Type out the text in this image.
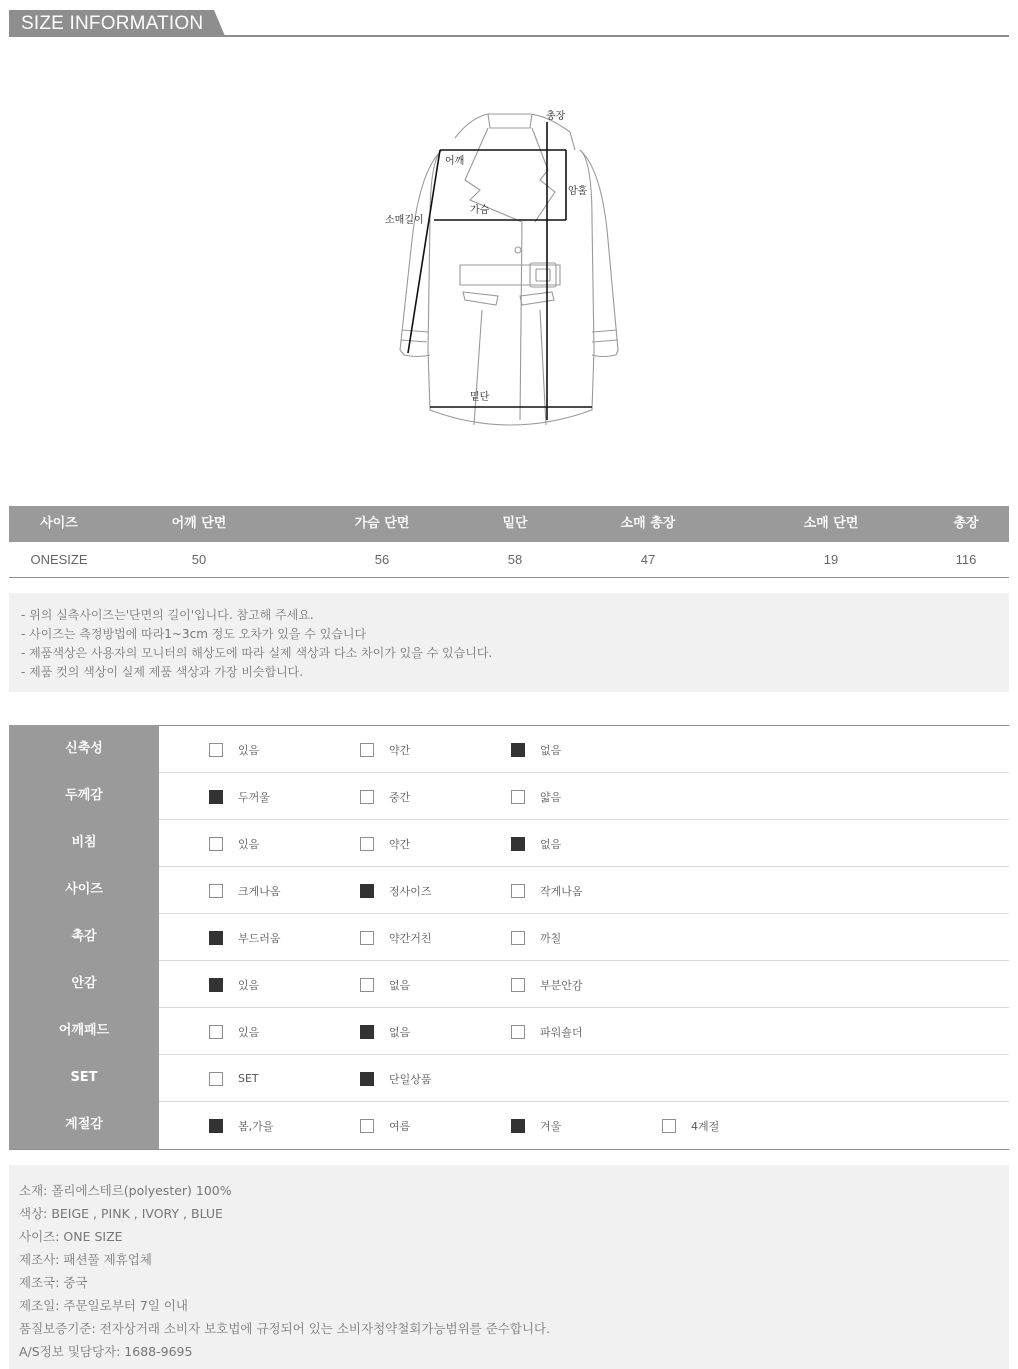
SIZE INFORMATION
총장
어깨
암홀
소매길이
가슴
밑단
사이즈	어깨 단면	가슴 단면	밑단	소매 총장	소매 단면	총장
ONESIZE	50	56	58	47	19	116
- 위의 실측사이즈는'단면의 길이'입니다. 참고해 주세요.
- 사이즈는 측정방법에 따라1~3cm 정도 오차가 있을 수 있습니다
- 제품색상은 사용자의 모니터의 해상도에 따라 실제 색상과 다소 차이가 있을 수 있습니다.
- 제품 컷의 색상이 실제 제품 색상과 가장 비슷합니다.
신축성	있음	약간	없음
두께감	두꺼울	중간	얇음
비침	있음	약간	없음
사이즈	크게나옴	정사이즈	작게나옴
촉감	부드러움	약간거친	까칠
안감	있음	없음	부분안감
어깨패드	있음	없음	파워숄더
SET	SET	단일상품
계절감	봄,가을	여름	겨울	4계절
소재: 폴리에스테르(polyester) 100%
색상: BEIGE , PINK , IVORY , BLUE
사이즈: ONE SIZE
제조사: 패션풀 제휴업체
제조국: 중국
제조일: 주문일로부터 7일 이내
품질보증기준: 전자상거래 소비자 보호법에 규정되어 있는 소비자청약철회가능범위를 준수합니다.
A/S정보 및담당자: 1688-9695
